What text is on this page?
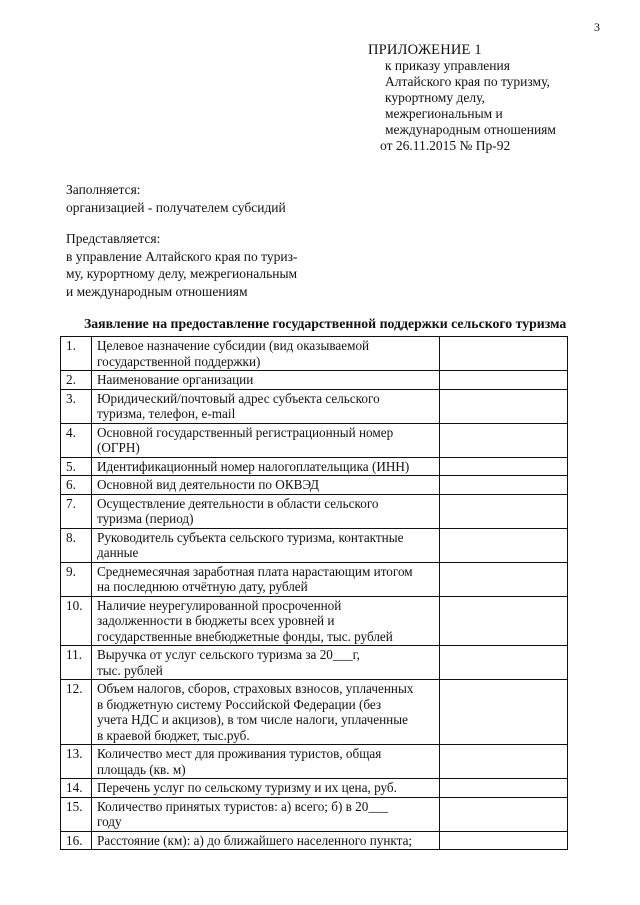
3
ПРИЛОЖЕНИЕ 1
к приказу управления
Алтайского края по туризму,
курортному делу,
межрегиональным и
международным отношениям
от 26.11.2015 № Пр-92
Заполняется:
организацией - получателем субсидий
Представляется:
в управление Алтайского края по туриз-
му, курортному делу, межрегиональным
и международным отношениям
Заявление на предоставление государственной поддержки сельского туризма
1.	Целевое назначение субсидии (вид оказываемой
государственной поддержки)	

2.	Наименование организации	

3.	Юридический/почтовый адрес субъекта сельского
туризма, телефон, e-mail	

4.	Основной государственный регистрационный номер
(ОГРН)	

5.	Идентификационный номер налогоплательщика (ИНН)	

6.	Основной вид деятельности по ОКВЭД	

7.	Осуществление деятельности в области сельского
туризма (период)	

8.	Руководитель субъекта сельского туризма, контактные
данные	

9.	Среднемесячная заработная плата нарастающим итогом
на последнюю отчётную дату, рублей	

10.	Наличие неурегулированной просроченной
задолженности в бюджеты всех уровней и
государственные внебюджетные фонды, тыс. рублей	

11.	Выручка от услуг сельского туризма за 20___г,
тыс. рублей	

12.	Объем налогов, сборов, страховых взносов, уплаченных
в бюджетную систему Российской Федерации (без
учета НДС и акцизов), в том числе налоги, уплаченные
в краевой бюджет, тыс.руб.	

13.	Количество мест для проживания туристов, общая
площадь (кв. м)	

14.	Перечень услуг по сельскому туризму и их цена, руб.	

15.	Количество принятых туристов: а) всего; б) в 20___
году	

16.	Расстояние (км): а) до ближайшего населенного пункта;	
